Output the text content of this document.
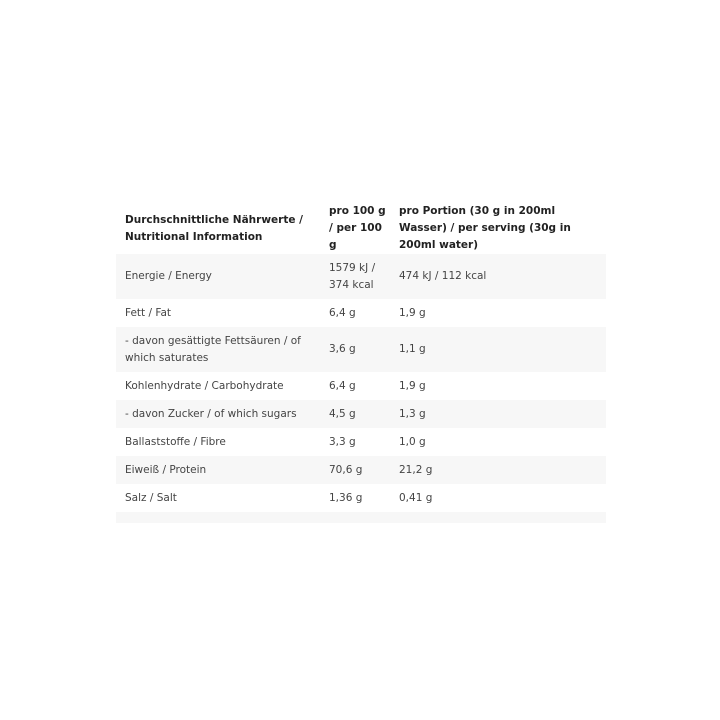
Durchschnittliche Nährwerte / Nutritional Information	pro 100 g / per 100 g	pro Portion (30 g in 200ml Wasser) / per serving (30g in 200ml water)
Energie / Energy	1579 kJ / 374 kcal	474 kJ / 112 kcal
Fett / Fat	6,4 g	1,9 g
- davon gesättigte Fettsäuren / of which saturates	3,6 g	1,1 g
Kohlenhydrate / Carbohydrate	6,4 g	1,9 g
- davon Zucker / of which sugars	4,5 g	1,3 g
Ballaststoffe / Fibre	3,3 g	1,0 g
Eiweiß / Protein	70,6 g	21,2 g
Salz / Salt	1,36 g	0,41 g
